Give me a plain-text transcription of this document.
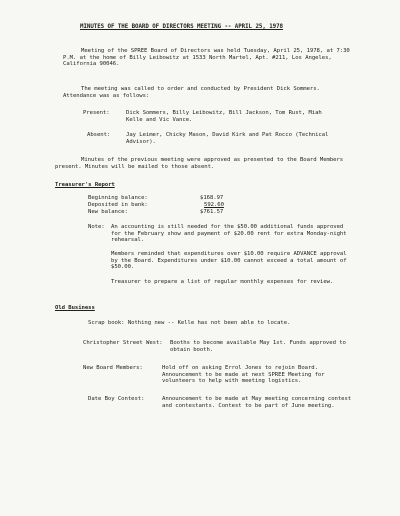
MINUTES OF THE BOARD OF DIRECTORS MEETING -- APRIL 25, 1978
Meeting of the SPREE Board of Directors was held Tuesday, April 25, 1978, at 7:30 P.M. at the home of Billy Leibowitz at 1533 North Martel, Apt. #211, Los Angeles, California 90046.
The meeting was called to order and conducted by President Dick Sommers. Attendance was as follows:
Present:	Dick Sommers, Billy Leibowitz, Bill Jackson, Tom Rust, Miah Kelle and Vic Vance.
Absent:	Jay Leimer, Chicky Mason, David Kirk and Pat Rocco (Technical Advisor).
Minutes of the previous meeting were approved as presented to the Board Members present. Minutes will be mailed to those absent.
Treasurer's Report
Beginning balance:	$168.97
Deposited in bank:	592.60
New balance:	$761.57
Note: An accounting is still needed for the $50.00 additional funds approved for the February show and payment of $20.00 rent for extra Monday-night rehearsal.
Members reminded that expenditures over $10.00 require ADVANCE approval by the Board. Expenditures under $10.00 cannot exceed a total amount of $50.00.
Treasurer to prepare a list of regular monthly expenses for review.
Old Business
Scrap book: Nothing new -- Kelle has not been able to locate.
Christopher Street West: Booths to become available May 1st. Funds approved to obtain booth.
New Board Members:	Hold off on asking Errol Jones to rejoin Board. Announcement to be made at next SPREE Meeting for volunteers to help with meeting logistics.
Date Boy Contest:	Announcement to be made at May meeting concerning contest and contestants. Contest to be part of June meeting.
